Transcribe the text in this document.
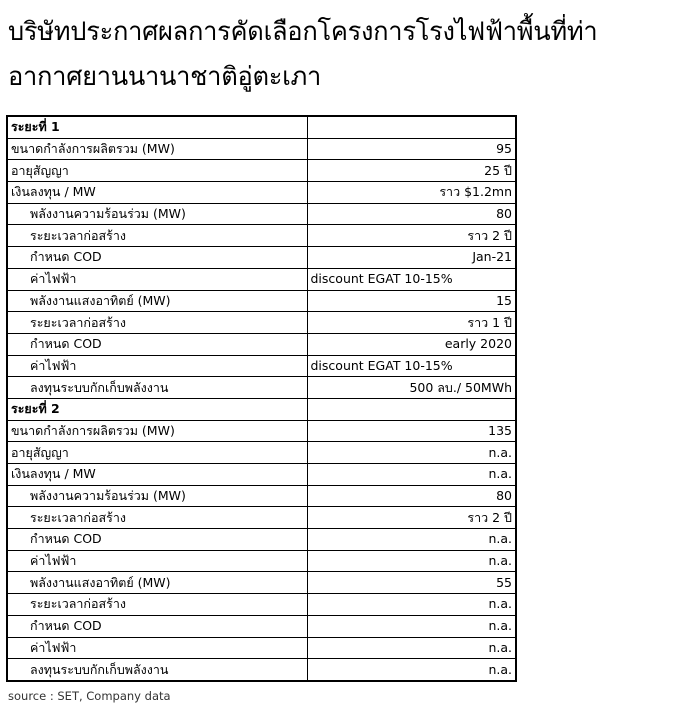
บริษัทประกาศผลการคัดเลือกโครงการโรงไฟฟ้าพื้นที่ท่า
อากาศยานนานาชาติอู่ตะเภา
ระยะที่ 1	
ขนาดกำลังการผลิตรวม (MW)	95
อายุสัญญา	25 ปี
เงินลงทุน / MW	ราว $1.2mn
พลังงานความร้อนร่วม (MW)	80
ระยะเวลาก่อสร้าง	ราว 2 ปี
กำหนด COD	Jan-21
ค่าไฟฟ้า	discount EGAT 10-15%
พลังงานแสงอาทิตย์ (MW)	15
ระยะเวลาก่อสร้าง	ราว 1 ปี
กำหนด COD	early 2020
ค่าไฟฟ้า	discount EGAT 10-15%
ลงทุนระบบกักเก็บพลังงาน	500 ลบ./ 50MWh
ระยะที่ 2	
ขนาดกำลังการผลิตรวม (MW)	135
อายุสัญญา	n.a.
เงินลงทุน / MW	n.a.
พลังงานความร้อนร่วม (MW)	80
ระยะเวลาก่อสร้าง	ราว 2 ปี
กำหนด COD	n.a.
ค่าไฟฟ้า	n.a.
พลังงานแสงอาทิตย์ (MW)	55
ระยะเวลาก่อสร้าง	n.a.
กำหนด COD	n.a.
ค่าไฟฟ้า	n.a.
ลงทุนระบบกักเก็บพลังงาน	n.a.
source : SET, Company data
